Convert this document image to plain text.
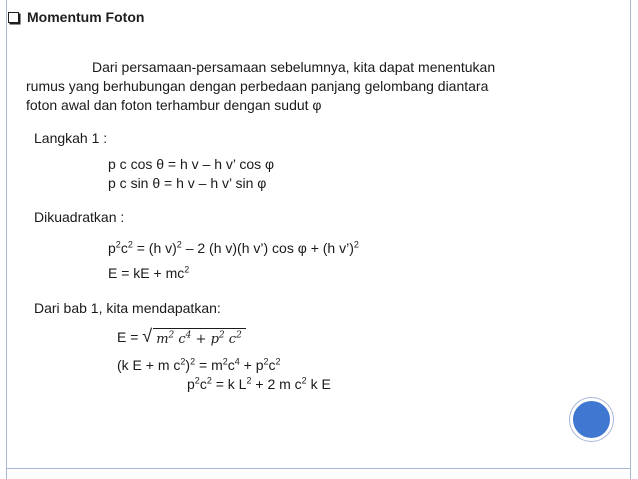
Momentum Foton
Dari persamaan-persamaan sebelumnya, kita dapat menentukan
rumus yang berhubungan dengan perbedaan panjang gelombang diantara
foton awal dan foton terhambur dengan sudut φ
Langkah 1 :
p c cos θ = h v – h v’ cos φ
p c sin θ = h v – h v’ sin φ
Dikuadratkan :
$p^2c^2 = (h$ v)$^2$ – 2 (h v)(h v’) cos φ + (h v’)$^2$
E = kE + $mc^2$
Dari bab 1, kita mendapatkan:
E = √ $m^2$ $c^4 + p^2$ $c^2$
(k E + m $c^2)^2 = m^2c^4 + p^2c^2$
$p^2c^2 = k$ $L^2 + 2$ m $c^2$ k E
